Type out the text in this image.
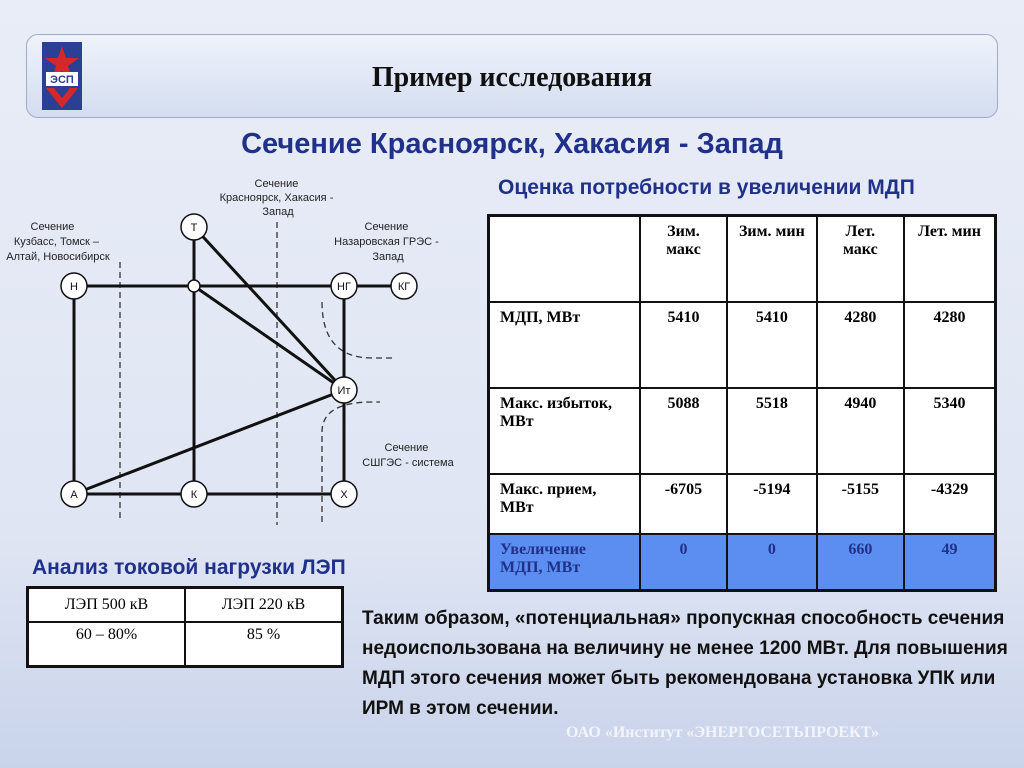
ЭСП	Пример исследования
Сечение Красноярск, Хакасия - Запад
Сечение Красноярск, Хакасия - Запад
Сечение Кузбасс, Томск – Алтай, Новосибирск
Сечение Назаровская ГРЭС - Запад
Сечение СШГЭС - система
Т
Н	НГ	КГ
Ит
А	К	Х
Оценка потребности в увеличении МДП
	Зим. макс	Зим. мин	Лет. макс	Лет. мин
МДП, МВт	5410	5410	4280	4280
Макс. избыток, МВт	5088	5518	4940	5340
Макс. прием, МВт	-6705	-5194	-5155	-4329
Увеличение МДП, МВт	0	0	660	49
Анализ токовой нагрузки ЛЭП
ЛЭП 500 кВ	ЛЭП 220 кВ
60 – 80%	85 %
Таким образом, «потенциальная» пропускная способность сечения недоиспользована на величину не менее 1200 МВт. Для повышения МДП этого сечения может быть рекомендована установка УПК или ИРМ в этом сечении.
ОАО «Институт «ЭНЕРГОСЕТЬПРОЕКТ»
